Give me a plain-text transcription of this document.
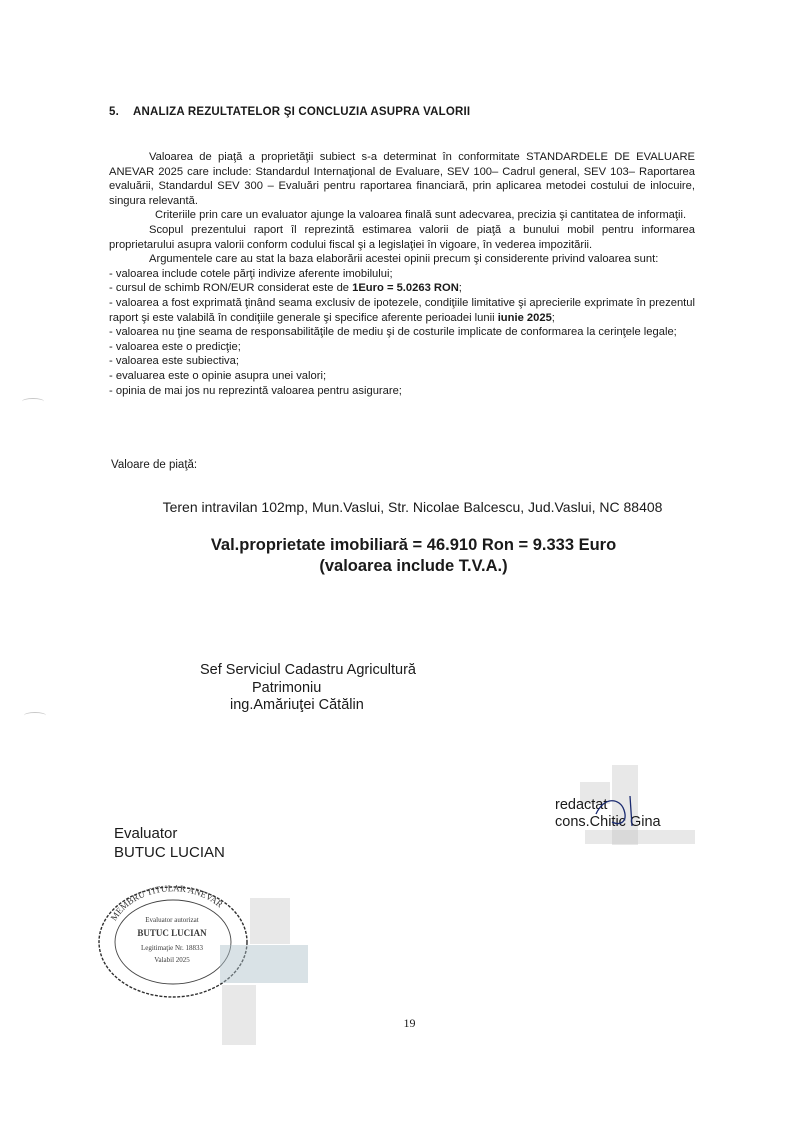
5. ANALIZA REZULTATELOR ŞI CONCLUZIA ASUPRA VALORII

Valoarea de piaţă a proprietăţii subiect s-a determinat în conformitate STANDARDELE DE EVALUARE ANEVAR 2025 care include: Standardul Internaţional de Evaluare, SEV 100– Cadrul general, SEV 103– Raportarea evaluării, Standardul SEV 300 – Evaluări pentru raportarea financiară, prin aplicarea metodei costului de inlocuire, singura relevantă.

Criteriile prin care un evaluator ajunge la valoarea finală sunt adecvarea, precizia şi cantitatea de informaţii.

Scopul prezentului raport îl reprezintă estimarea valorii de piaţă a bunului mobil pentru informarea proprietarului asupra valorii conform codului fiscal şi a legislaţiei în vigoare, în vederea impozitării.

Argumentele care au stat la baza elaborării acestei opinii precum şi considerente privind valoarea sunt:

- valoarea include cotele părţi indivize aferente imobilului;
- cursul de schimb RON/EUR considerat este de 1Euro = 5.0263 RON;
- valoarea a fost exprimată ţinând seama exclusiv de ipotezele, condiţiile limitative şi aprecierile exprimate în prezentul raport şi este valabilă în condiţiile generale şi specifice aferente perioadei lunii iunie 2025;
- valoarea nu ţine seama de responsabilităţile de mediu şi de costurile implicate de conformarea la cerinţele legale;
- valoarea este o predicţie;
- valoarea este subiectiva;
- evaluarea este o opinie asupra unei valori;
- opinia de mai jos nu reprezintă valoarea pentru asigurare;
Valoare de piaţă:
Teren intravilan 102mp, Mun.Vaslui, Str. Nicolae Balcescu, Jud.Vaslui, NC 88408
Val.proprietate imobiliară = 46.910 Ron = 9.333 Euro
(valoarea include T.V.A.)
Sef Serviciul Cadastru Agricultură
Patrimoniu
ing.Amăriuţei Cătălin
redactat
cons.Chitic Gina
Evaluator
BUTUC LUCIAN
MEMBRU TITULAR ANEVAR
Evaluator autorizat
BUTUC LUCIAN
Legitimaţie Nr. 18833
Valabil 2025
19
